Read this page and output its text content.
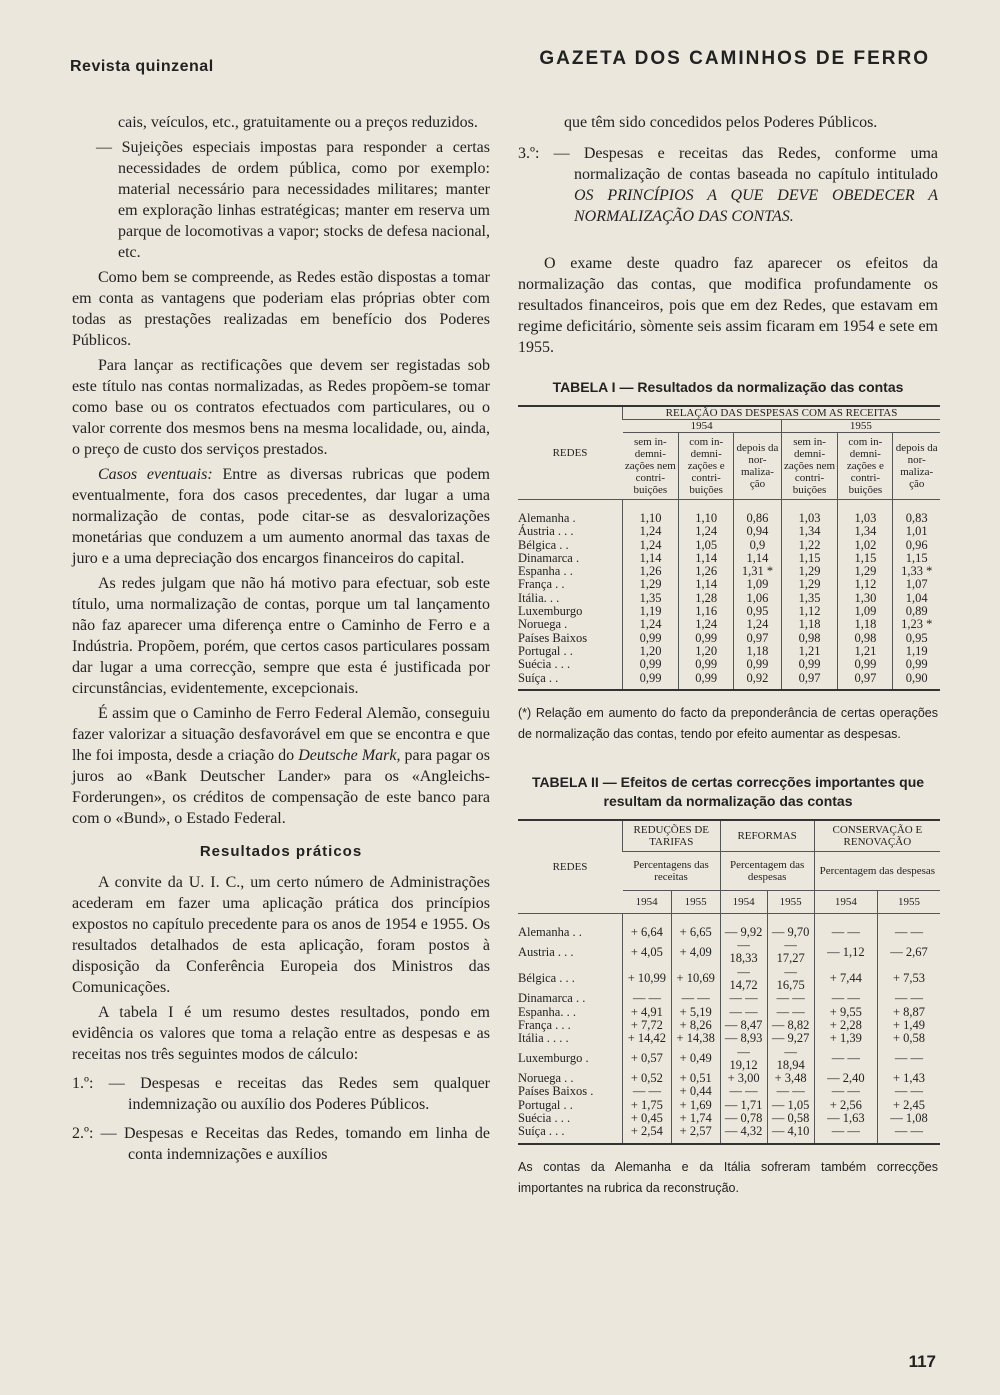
Revista quinzenal	GAZETA DOS CAMINHOS DE FERRO

cais, veículos, etc., gratuitamente ou a preços reduzidos.

— Sujeições especiais impostas para responder a certas necessidades de ordem pública, como por exemplo: material necessário para necessidades militares; manter em exploração linhas estratégicas; manter em reserva um parque de locomotivas a vapor; stocks de defesa nacional, etc.

Como bem se compreende, as Redes estão dispostas a tomar em conta as vantagens que poderiam elas próprias obter com todas as prestações realizadas em benefício dos Poderes Públicos.

Para lançar as rectificações que devem ser registadas sob este título nas contas normalizadas, as Redes propõem-se tomar como base ou os contratos efectuados com particulares, ou o valor corrente dos mesmos bens na mesma localidade, ou, ainda, o preço de custo dos serviços prestados.

Casos eventuais: Entre as diversas rubricas que podem eventualmente, fora dos casos precedentes, dar lugar a uma normalização de contas, pode citar-se as desvalorizações monetárias que conduzem a um aumento anormal das taxas de juro e a uma depreciação dos encargos financeiros do capital.

As redes julgam que não há motivo para efectuar, sob este título, uma normalização de contas, porque um tal lançamento não faz aparecer uma diferença entre o Caminho de Ferro e a Indústria. Propõem, porém, que certos casos particulares possam dar lugar a uma correcção, sempre que esta é justificada por circunstâncias, evidentemente, excepcionais.

É assim que o Caminho de Ferro Federal Alemão, conseguiu fazer valorizar a situação desfavorável em que se encontra e que lhe foi imposta, desde a criação do Deutsche Mark, para pagar os juros ao «Bank Deutscher Lander» para os «Angleichs-Forderungen», os créditos de compensação de este banco para com o «Bund», o Estado Federal.

Resultados práticos

A convite da U. I. C., um certo número de Administrações acederam em fazer uma aplicação prática dos princípios expostos no capítulo precedente para os anos de 1954 e 1955. Os resultados detalhados de esta aplicação, foram postos à disposição da Conferência Europeia dos Ministros das Comunicações.

A tabela I é um resumo destes resultados, pondo em evidência os valores que toma a relação entre as despesas e as receitas nos três seguintes modos de cálculo:

1.º: — Despesas e receitas das Redes sem qualquer indemnização ou auxílio dos Poderes Públicos.

2.º: — Despesas e Receitas das Redes, tomando em linha de conta indemnizações e auxílios

que têm sido concedidos pelos Poderes Públicos.

3.º: — Despesas e receitas das Redes, conforme uma normalização de contas baseada no capítulo intitulado OS PRINCÍPIOS A QUE DEVE OBEDECER A NORMALIZAÇÃO DAS CONTAS.

O exame deste quadro faz aparecer os efeitos da normalização das contas, que modifica profundamente os resultados financeiros, pois que em dez Redes, que estavam em regime deficitário, sòmente seis assim ficaram em 1954 e sete em 1955.

TABELA I — Resultados da normalização das contas
REDES	RELAÇÃO DAS DESPESAS COM AS RECEITAS					
	1954			1955		
	sem in-demni-zações nem contri-buições	com in-demni-zações e contri-buições	depois da nor-maliza-ção	sem in-demni-zações nem contri-buições	com in-demni-zações e contri-buições	depois da nor-maliza-ção
Alemanha .	1,10	1,10	0,86	1,03	1,03	0,83
Áustria . . .	1,24	1,24	0,94	1,34	1,34	1,01
Bélgica . .	1,24	1,05	0,9	1,22	1,02	0,96
Dinamarca .	1,14	1,14	1,14	1,15	1,15	1,15
Espanha . .	1,26	1,26	1,31 *	1,29	1,29	1,33 *
França . .	1,29	1,14	1,09	1,29	1,12	1,07
Itália. . .	1,35	1,28	1,06	1,35	1,30	1,04
Luxemburgo	1,19	1,16	0,95	1,12	1,09	0,89
Noruega .	1,24	1,24	1,24	1,18	1,18	1,23 *
Países Baixos	0,99	0,99	0,97	0,98	0,98	0,95
Portugal . .	1,20	1,20	1,18	1,21	1,21	1,19
Suécia . . .	0,99	0,99	0,99	0,99	0,99	0,99
Suíça . .	0,99	0,99	0,92	0,97	0,97	0,90

(*) Relação em aumento do facto da preponderância de certas operações de normalização das contas, tendo por efeito aumentar as despesas.

TABELA II — Efeitos de certas correcções importantes que resultam da normalização das contas
REDES	REDUÇÕES DE TARIFAS		REFORMAS		CONSERVAÇÃO E RENOVAÇÃO	
	Percentagens das receitas		Percentagem das despesas		Percentagem das despesas	
	1954	1955	1954	1955	1954	1955
Alemanha . .	+ 6,64	+ 6,65	— 9,92	— 9,70	— —	— —
Austria . . .	+ 4,05	+ 4,09	— 18,33	— 17,27	— 1,12	— 2,67
Bélgica . . .	+ 10,99	+ 10,69	— 14,72	— 16,75	+ 7,44	+ 7,53
Dinamarca . .	— —	— —	— —	— —	— —	— —
Espanha. . .	+ 4,91	+ 5,19	— —	— —	+ 9,55	+ 8,87
França . . .	+ 7,72	+ 8,26	— 8,47	— 8,82	+ 2,28	+ 1,49
Itália . . . .	+ 14,42	+ 14,38	— 8,93	— 9,27	+ 1,39	+ 0,58
Luxemburgo .	+ 0,57	+ 0,49	— 19,12	— 18,94	— —	— —
Noruega . .	+ 0,52	+ 0,51	+ 3,00	+ 3,48	— 2,40	+ 1,43
Países Baixos .	— —	+ 0,44	— —	— —	— —	— —
Portugal . .	+ 1,75	+ 1,69	— 1,71	— 1,05	+ 2,56	+ 2,45
Suécia . . .	+ 0,45	+ 1,74	— 0,78	— 0,58	— 1,63	— 1,08
Suíça . . .	+ 2,54	+ 2,57	— 4,32	— 4,10	— —	— —

As contas da Alemanha e da Itália sofreram também correcções importantes na rubrica da reconstrução.

117
